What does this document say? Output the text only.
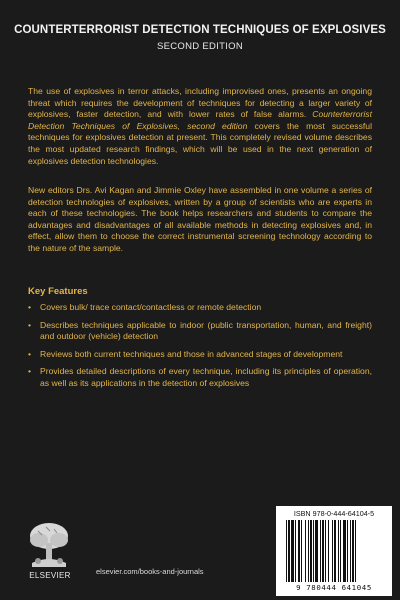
COUNTERTERRORIST DETECTION TECHNIQUES OF EXPLOSIVES
SECOND EDITION

The use of explosives in terror attacks, including improvised ones, presents an ongoing threat which requires the development of techniques for detecting a larger variety of explosives, faster detection, and with lower rates of false alarms. Counterterrorist Detection Techniques of Explosives, second edition covers the most successful techniques for explosives detection at present. This completely revised volume describes the most updated research findings, which will be used in the next generation of explosives detection technologies.

New editors Drs. Avi Kagan and Jimmie Oxley have assembled in one volume a series of detection technologies of explosives, written by a group of scientists who are experts in each of these technologies. The book helps researchers and students to compare the advantages and disadvantages of all available methods in detecting explosives and, in effect, allow them to choose the correct instrumental screening technology according to the nature of the sample.

Key Features
• Covers bulk/ trace contact/contactless or remote detection
• Describes techniques applicable to indoor (public transportation, human, and freight) and outdoor (vehicle) detection
• Reviews both current techniques and those in advanced stages of development
• Provides detailed descriptions of every technique, including its principles of operation, as well as its applications in the detection of explosives
ELSEVIER	elsevier.com/books-and-journals
ISBN 978-0-444-64104-5
9 780444 641045
